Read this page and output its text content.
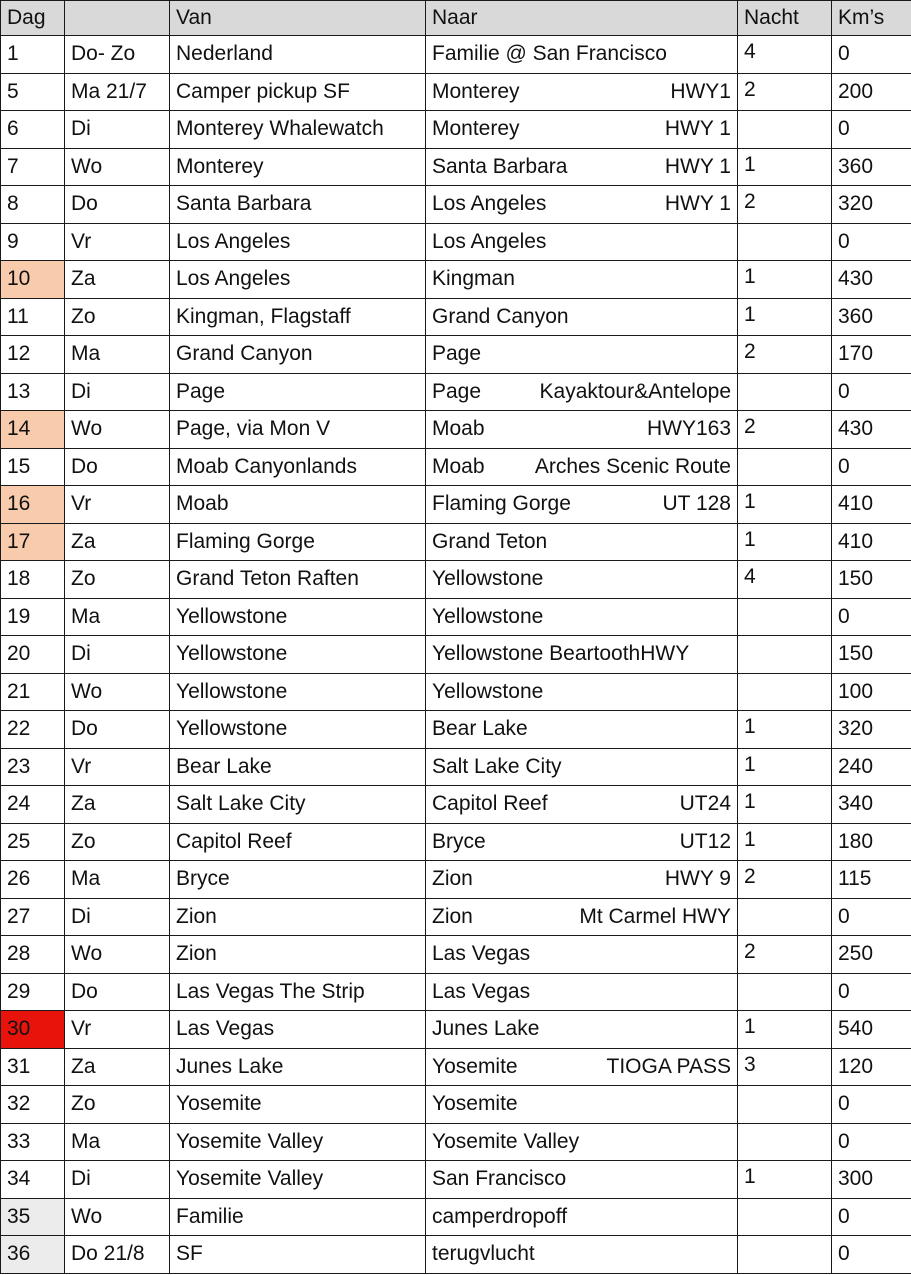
Dag		Van	Naar	Nacht	Km’s
1	Do- Zo	Nederland	Familie @ San Francisco	4	0
5	Ma 21/7	Camper pickup SF	Monterey HWY1	2	200
6	Di	Monterey Whalewatch	Monterey HWY 1		0
7	Wo	Monterey	Santa Barbara HWY 1	1	360
8	Do	Santa Barbara	Los Angeles HWY 1	2	320
9	Vr	Los Angeles	Los Angeles		0
10	Za	Los Angeles	Kingman	1	430
11	Zo	Kingman, Flagstaff	Grand Canyon	1	360
12	Ma	Grand Canyon	Page	2	170
13	Di	Page	Page Kayaktour&Antelope		0
14	Wo	Page, via Mon V	Moab HWY163	2	430
15	Do	Moab Canyonlands	Moab Arches Scenic Route		0
16	Vr	Moab	Flaming Gorge UT 128	1	410
17	Za	Flaming Gorge	Grand Teton	1	410
18	Zo	Grand Teton Raften	Yellowstone	4	150
19	Ma	Yellowstone	Yellowstone		0
20	Di	Yellowstone	Yellowstone BeartoothHWY		150
21	Wo	Yellowstone	Yellowstone		100
22	Do	Yellowstone	Bear Lake	1	320
23	Vr	Bear Lake	Salt Lake City	1	240
24	Za	Salt Lake City	Capitol Reef UT24	1	340
25	Zo	Capitol Reef	Bryce UT12	1	180
26	Ma	Bryce	Zion HWY 9	2	115
27	Di	Zion	Zion Mt Carmel HWY		0
28	Wo	Zion	Las Vegas	2	250
29	Do	Las Vegas The Strip	Las Vegas		0
30	Vr	Las Vegas	Junes Lake	1	540
31	Za	Junes Lake	Yosemite TIOGA PASS	3	120
32	Zo	Yosemite	Yosemite		0
33	Ma	Yosemite Valley	Yosemite Valley		0
34	Di	Yosemite Valley	San Francisco	1	300
35	Wo	Familie	camperdropoff		0
36	Do 21/8	SF	terugvlucht		0
